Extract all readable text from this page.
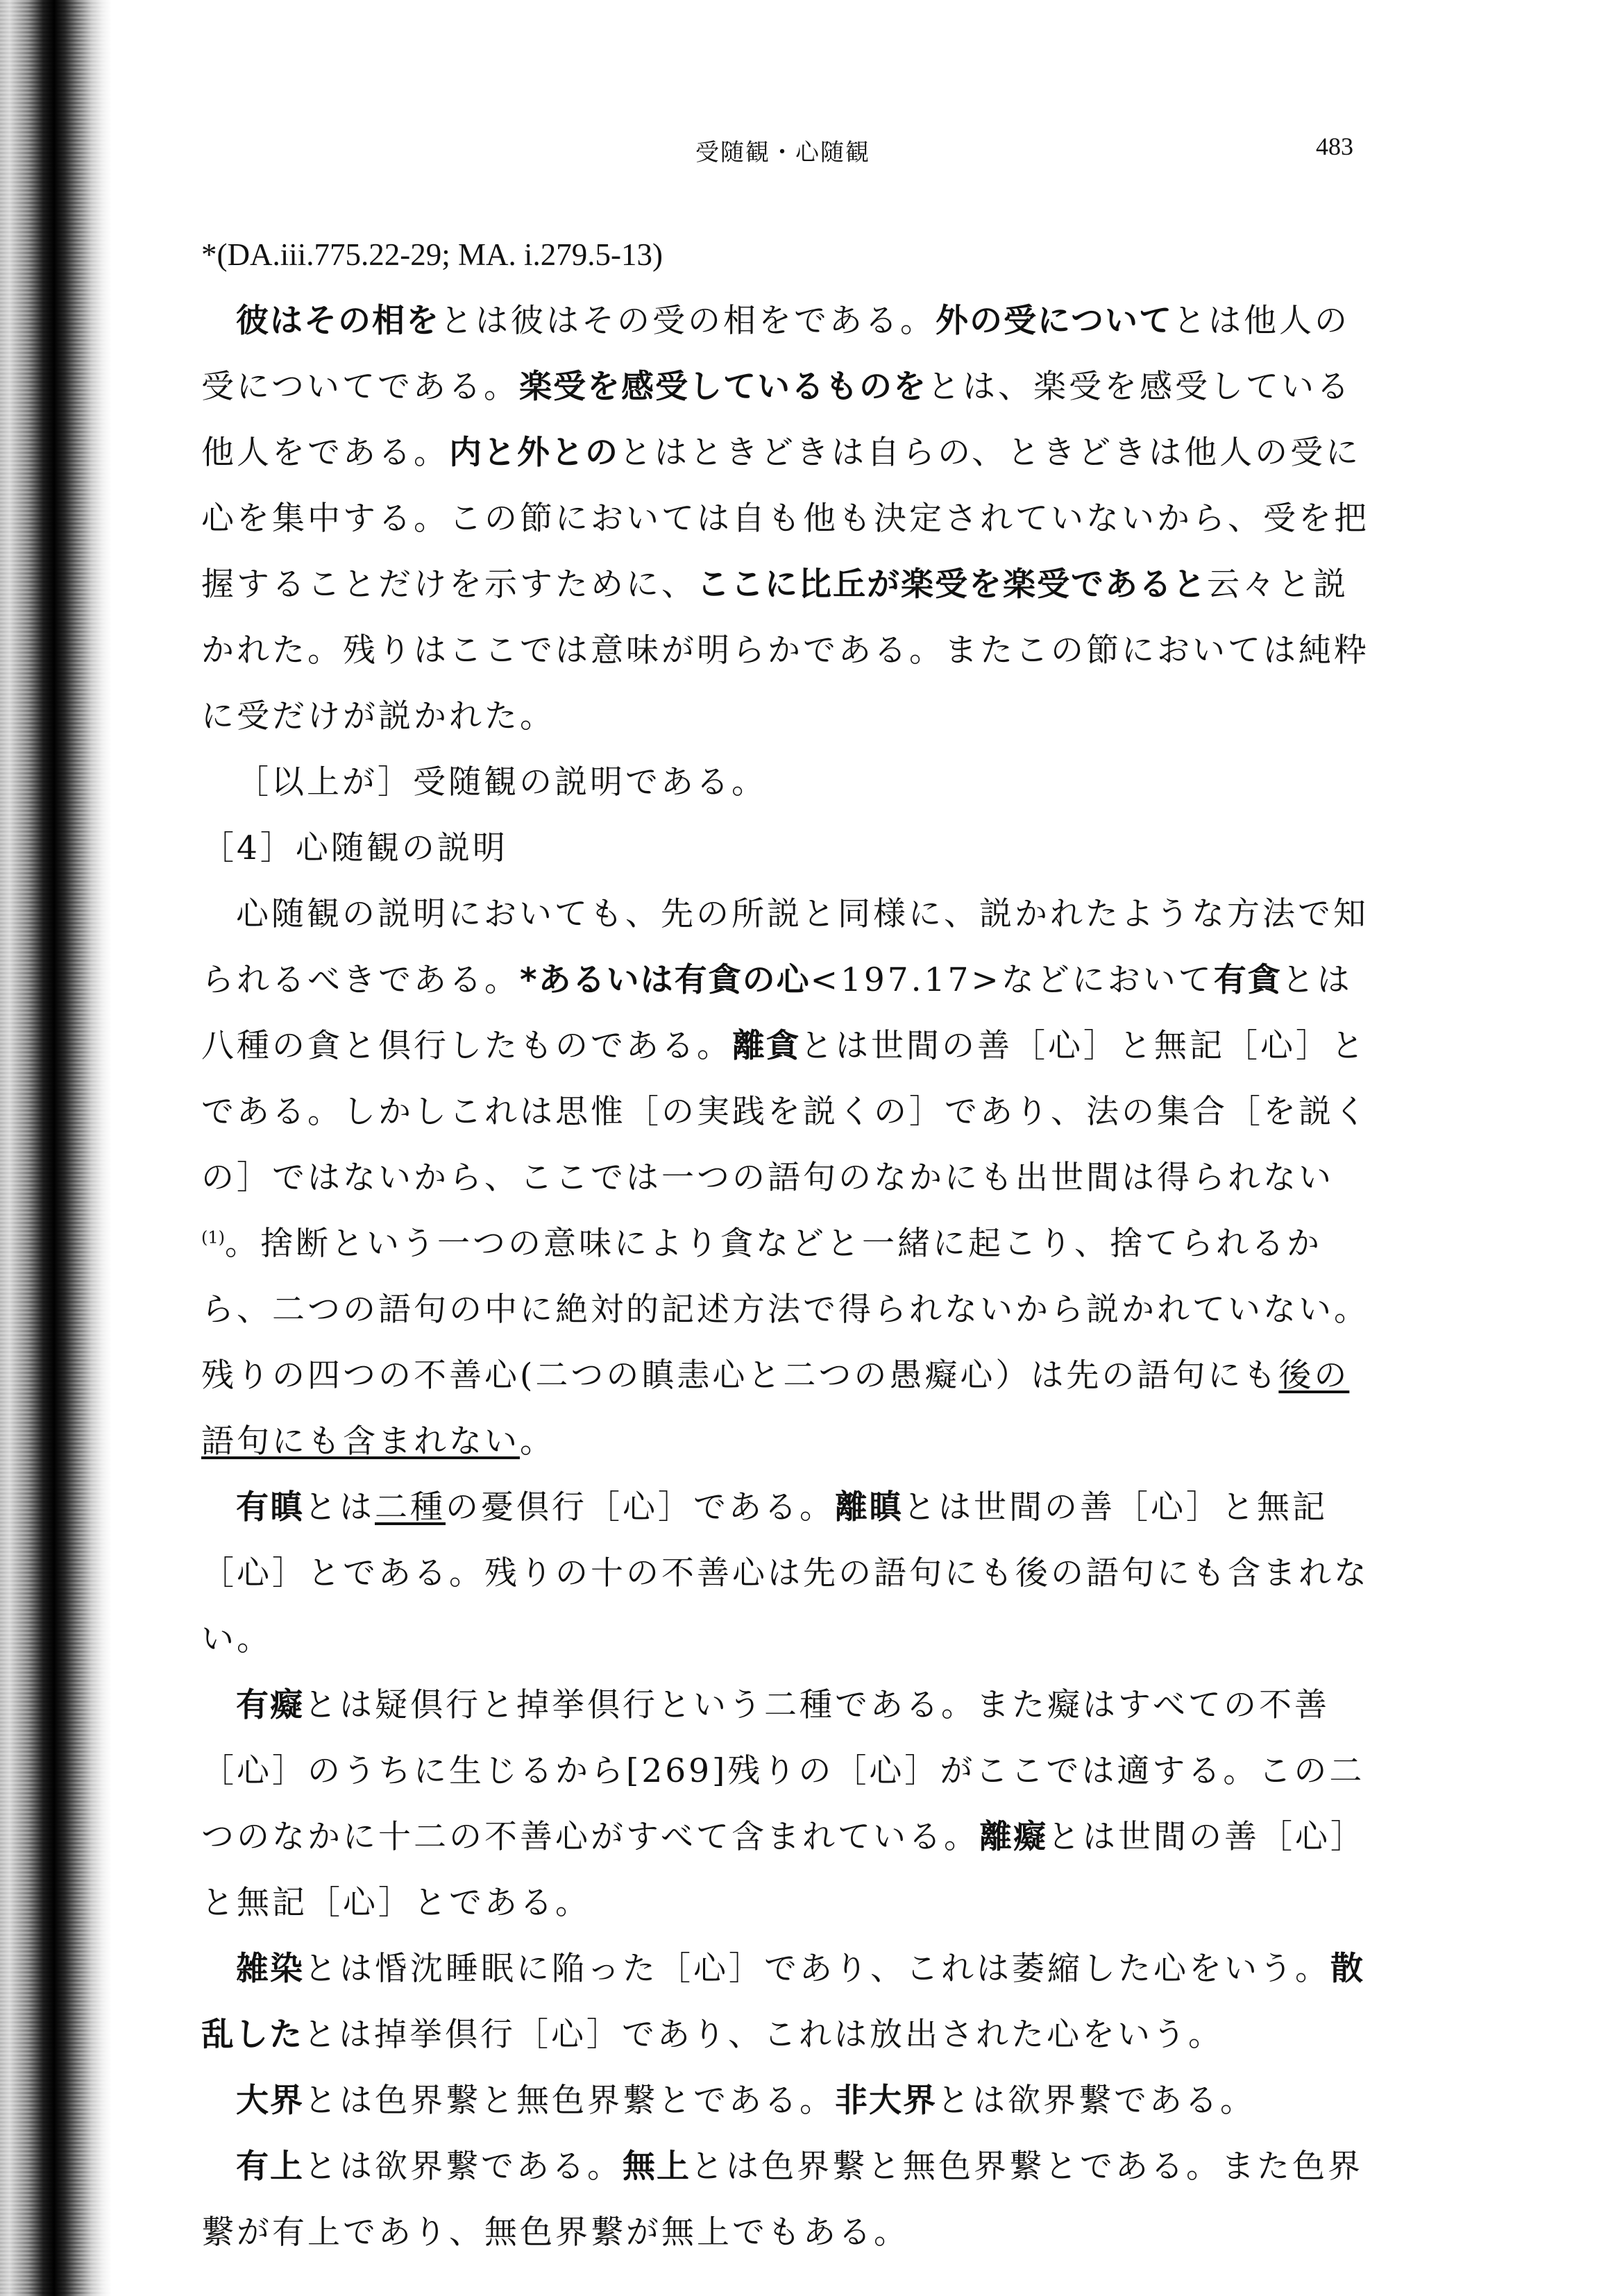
受随観・心随観	483

*(DA.iii.775.22-29; MA. i.279.5-13)

彼はその相をとは彼はその受の相をである。外の受についてとは他人の受についてである。楽受を感受しているものをとは、楽受を感受している他人をである。内と外とのとはときどきは自らの、ときどきは他人の受に心を集中する。この節においては自も他も決定されていないから、受を把握することだけを示すために、ここに比丘が楽受を楽受であると云々と説かれた。残りはここでは意味が明らかである。またこの節においては純粋に受だけが説かれた。

［以上が］受随観の説明である。

［4］心随観の説明

心随観の説明においても、先の所説と同様に、説かれたような方法で知られるべきである。*あるいは有貪の心<197.17>などにおいて有貪とは八種の貪と倶行したものである。離貪とは世間の善［心］と無記［心］とである。しかしこれは思惟［の実践を説くの］であり、法の集合［を説くの］ではないから、ここでは一つの語句のなかにも出世間は得られない$^{(1)}$。捨断という一つの意味により貪などと一緒に起こり、捨てられるから、二つの語句の中に絶対的記述方法で得られないから説かれていない。残りの四つの不善心(二つの瞋恚心と二つの愚癡心）は先の語句にも後の語句にも含まれない。

有瞋とは二種の憂倶行［心］である。離瞋とは世間の善［心］と無記［心］とである。残りの十の不善心は先の語句にも後の語句にも含まれない。

有癡とは疑倶行と掉挙倶行という二種である。また癡はすべての不善［心］のうちに生じるから[269]残りの［心］がここでは適する。この二つのなかに十二の不善心がすべて含まれている。離癡とは世間の善［心］と無記［心］とである。

雑染とは惛沈睡眠に陥った［心］であり、これは萎縮した心をいう。散乱したとは掉挙倶行［心］であり、これは放出された心をいう。

大界とは色界繋と無色界繋とである。非大界とは欲界繋である。

有上とは欲界繋である。無上とは色界繋と無色界繋とである。また色界繋が有上であり、無色界繋が無上でもある。
